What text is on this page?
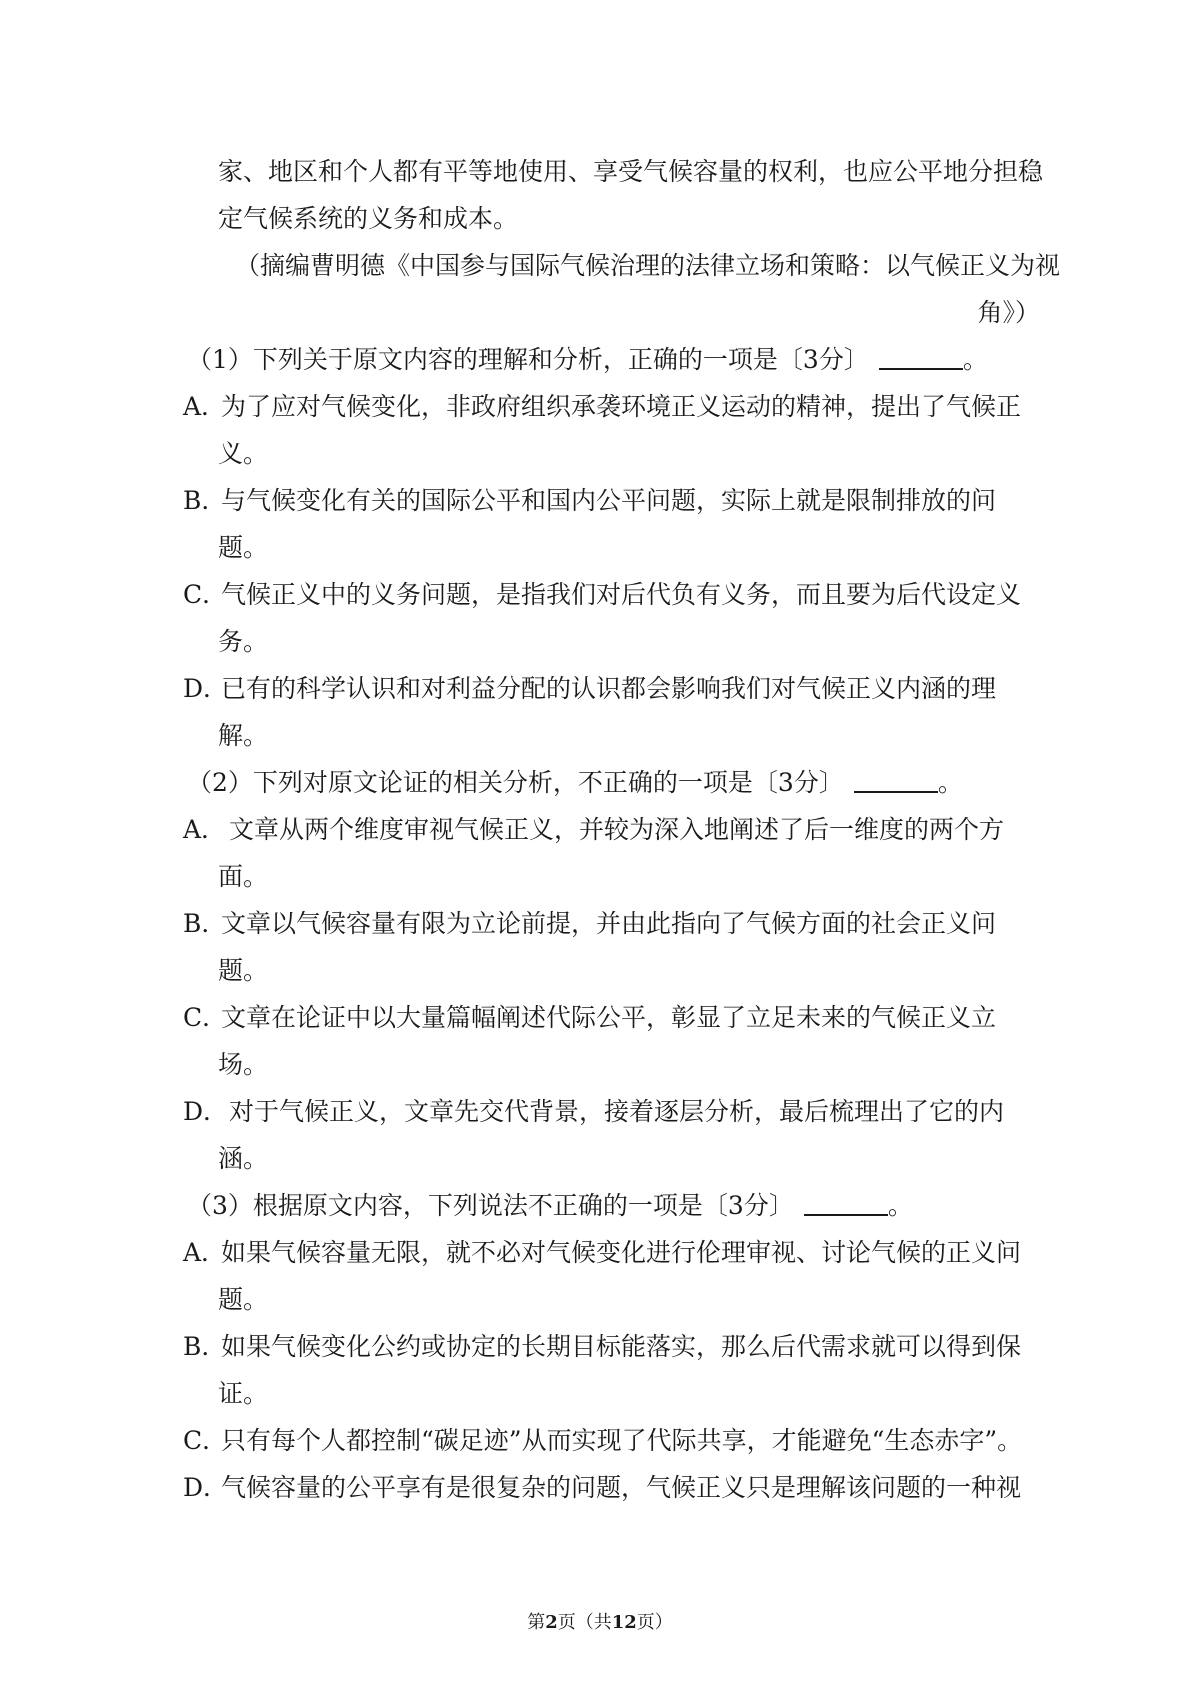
家、地区和个人都有平等地使用、享受气候容量的权利，也应公平地分担稳
定气候系统的义务和成本。
（摘编曹明德《中国参与国际气候治理的法律立场和策略：以气候正义为视
角》）
（1）下列关于原文内容的理解和分析，正确的一项是〔3分〕	。
A．为了应对气候变化，非政府组织承袭环境正义运动的精神，提出了气候正
义。
B．与气候变化有关的国际公平和国内公平问题，实际上就是限制排放的问
题。
C．气候正义中的义务问题，是指我们对后代负有义务，而且要为后代设定义
务。
D．已有的科学认识和对利益分配的认识都会影响我们对气候正义内涵的理
解。
（2）下列对原文论证的相关分析，不正确的一项是〔3分〕	。
A． 文章从两个维度审视气候正义，并较为深入地阐述了后一维度的两个方
面。
B．文章以气候容量有限为立论前提，并由此指向了气候方面的社会正义问
题。
C．文章在论证中以大量篇幅阐述代际公平，彰显了立足未来的气候正义立
场。
D． 对于气候正义，文章先交代背景，接着逐层分析，最后梳理出了它的内
涵。
（3）根据原文内容，下列说法不正确的一项是〔3分〕	。
A．如果气候容量无限，就不必对气候变化进行伦理审视、讨论气候的正义问
题。
B．如果气候变化公约或协定的长期目标能落实，那么后代需求就可以得到保
证。
C．只有每个人都控制“碳足迹”从而实现了代际共享，才能避免“生态赤字”。
D．气候容量的公平享有是很复杂的问题，气候正义只是理解该问题的一种视
第2页（共12页）
